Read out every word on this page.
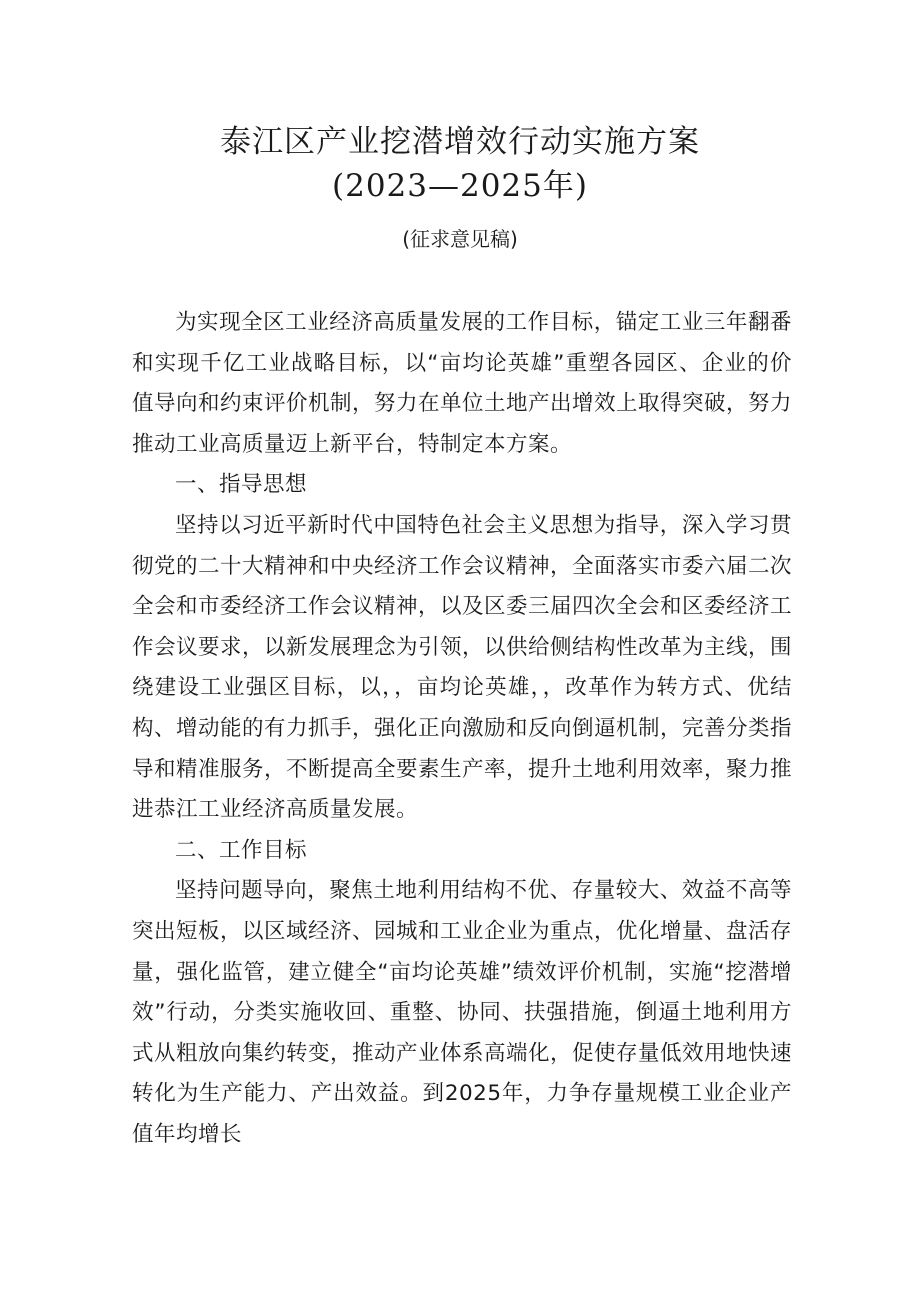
泰江区产业挖潜增效行动实施方案
(2023—2025年)

(征求意见稿)

为实现全区工业经济高质量发展的工作目标，锚定工业三年翻番和实现千亿工业战略目标，以“亩均论英雄”重塑各园区、企业的价值导向和约束评价机制，努力在单位土地产出增效上取得突破，努力推动工业高质量迈上新平台，特制定本方案。

一、指导思想

坚持以习近平新时代中国特色社会主义思想为指导，深入学习贯彻党的二十大精神和中央经济工作会议精神，全面落实市委六届二次全会和市委经济工作会议精神，以及区委三届四次全会和区委经济工作会议要求，以新发展理念为引领，以供给侧结构性改革为主线，围绕建设工业强区目标，以，，亩均论英雄，，改革作为转方式、优结构、增动能的有力抓手，强化正向激励和反向倒逼机制，完善分类指导和精准服务，不断提高全要素生产率，提升土地利用效率，聚力推进恭江工业经济高质量发展。

二、工作目标

坚持问题导向，聚焦土地利用结构不优、存量较大、效益不高等突出短板，以区域经济、园城和工业企业为重点，优化增量、盘活存量，强化监管，建立健全“亩均论英雄”绩效评价机制，实施“挖潜增效”行动，分类实施收回、重整、协同、扶强措施，倒逼土地利用方式从粗放向集约转变，推动产业体系高端化，促使存量低效用地快速转化为生产能力、产出效益。到2025年，力争存量规模工业企业产值年均增长
